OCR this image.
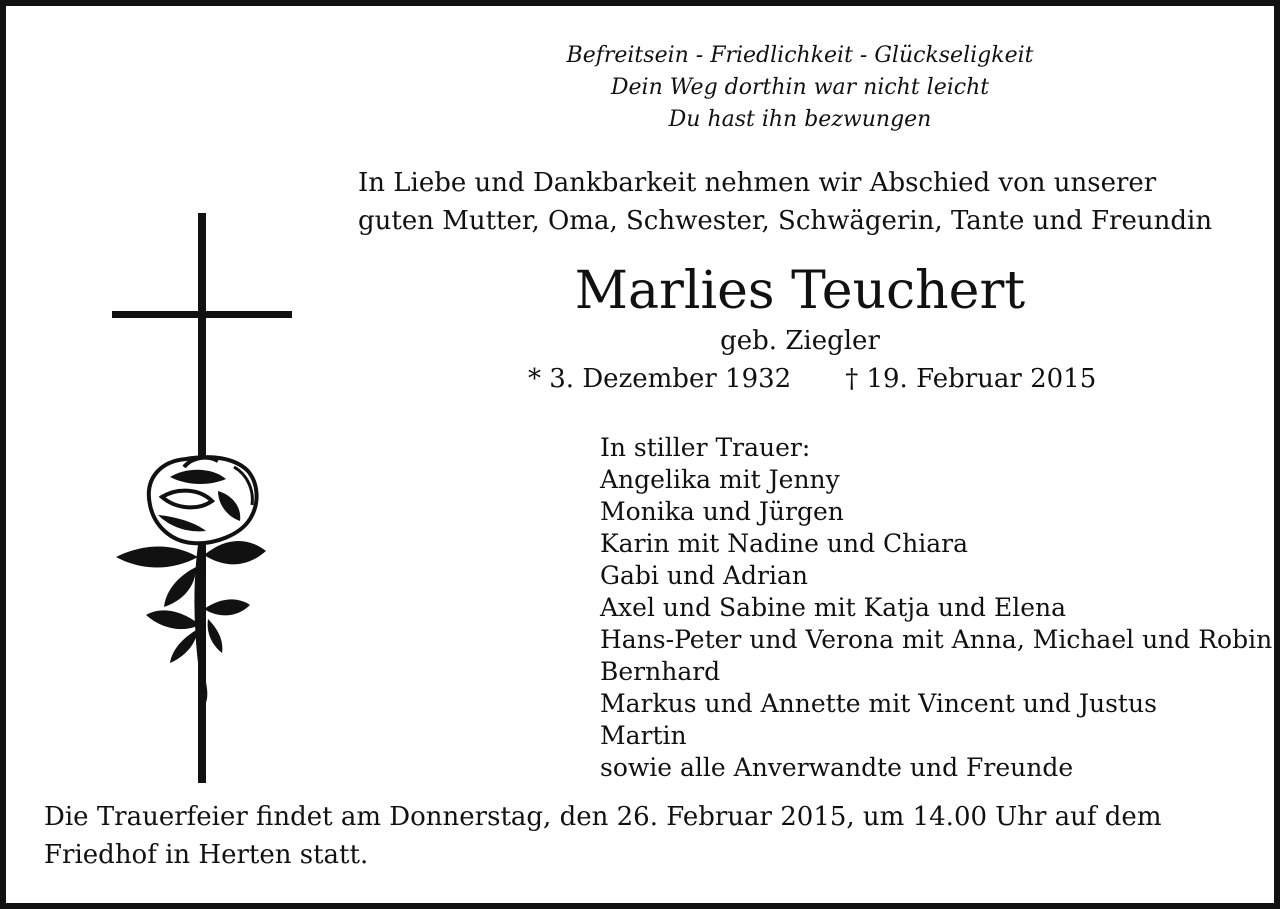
Befreitsein - Friedlichkeit - Glückseligkeit
Dein Weg dorthin war nicht leicht
Du hast ihn bezwungen
In Liebe und Dankbarkeit nehmen wir Abschied von unserer
guten Mutter, Oma, Schwester, Schwägerin, Tante und Freundin
Marlies Teuchert
geb. Ziegler
* 3. Dezember 1932 † 19. Februar 2015
In stiller Trauer:
Angelika mit Jenny
Monika und Jürgen
Karin mit Nadine und Chiara
Gabi und Adrian
Axel und Sabine mit Katja und Elena
Hans-Peter und Verona mit Anna, Michael und Robin
Bernhard
Markus und Annette mit Vincent und Justus
Martin
sowie alle Anverwandte und Freunde
Die Trauerfeier findet am Donnerstag, den 26. Februar 2015, um 14.00 Uhr auf dem
Friedhof in Herten statt.
